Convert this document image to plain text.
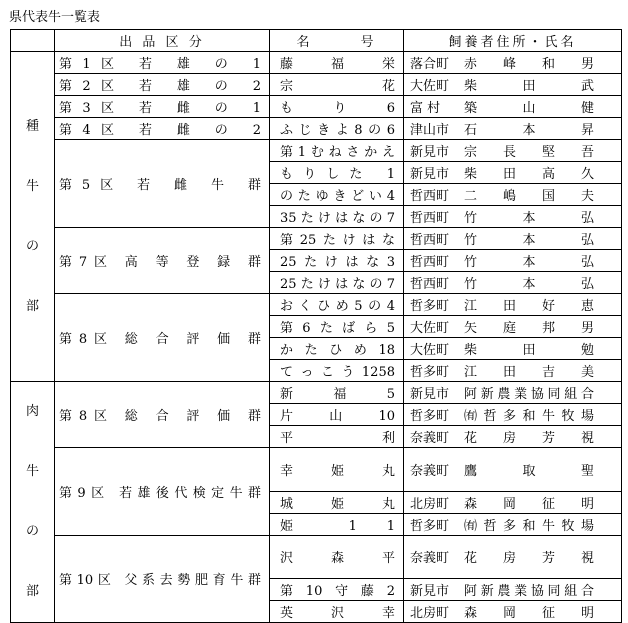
県代表牛一覧表
	出 品 区 分	名　　　号	飼養者住所・氏名

種
牛
の
部	第1区 若 雄 の 1	藤 福 栄	落合町 赤 峰 和 男
	第2区 若 雄 の 2	宗 花	大佐町 柴 田 武
	第3区 若 雌 の 1	も り 6	富 村 築 山 健
	第4区 若 雌 の 2	ふじきよ8の6	津山市 石 本 昇
	第5区 若 雌 牛 群	第1むねさかえ	新見市 宗 長 堅 吾
		もりした 1	新見市 柴 田 高 久
		のたゆきどい4	哲西町 二 嶋 国 夫
		35たけはなの7	哲西町 竹 本 弘
	第7区 高 等 登 録 群	第25たけはな	哲西町 竹 本 弘
		25たけはな3	哲西町 竹 本 弘
		25たけはなの7	哲西町 竹 本 弘
	第8区 総 合 評 価 群	おくひめ5の4	哲多町 江 田 好 恵
		第6たばら5	大佐町 矢 庭 邦 男
		かたひめ18	大佐町 柴 田 勉
		てっこう1258	哲多町 江 田 吉 美

肉
牛
の
部	第8区 総 合 評 価 群	新 福 5	新見市 阿新農業協同組合
		片 山 10	哲多町 ㈲哲多和牛牧場
		平 利	奈義町 花 房 芳 視
	第9区 若雄後代検定牛群	幸 姫 丸	奈義町 鷹 取 聖
		城 姫 丸	北房町 森 岡 征 明
		姫 1 1	哲多町 ㈲哲多和牛牧場
	第10区 父系去勢肥育牛群	沢 森 平	奈義町 花 房 芳 視
		第10守藤2	新見市 阿新農業協同組合
		英 沢 幸	北房町 森 岡 征 明
